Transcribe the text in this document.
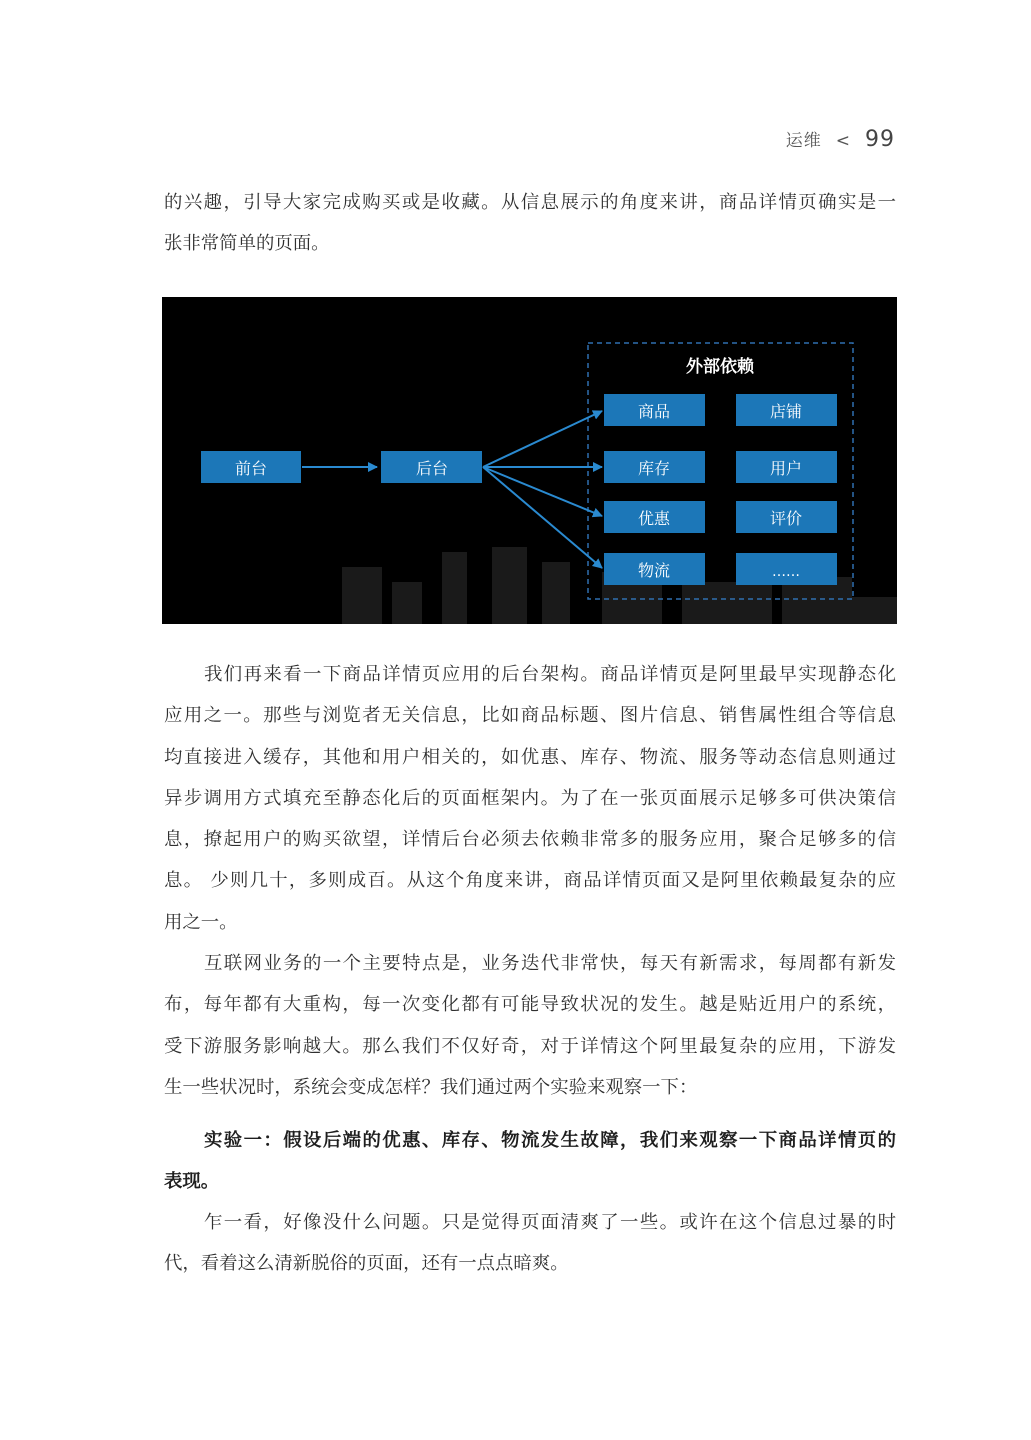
运维 < 99

的兴趣，引导大家完成购买或是收藏。从信息展示的角度来讲，商品详情页确实是一
张非常简单的页面。

外部依赖
前台	后台
商品	店铺
库存	用户
优惠	评价
物流	……

我们再来看一下商品详情页应用的后台架构。商品详情页是阿里最早实现静态化
应用之一。那些与浏览者无关信息，比如商品标题、图片信息、销售属性组合等信息
均直接进入缓存，其他和用户相关的，如优惠、库存、物流、服务等动态信息则通过
异步调用方式填充至静态化后的页面框架内。为了在一张页面展示足够多可供决策信
息，撩起用户的购买欲望，详情后台必须去依赖非常多的服务应用，聚合足够多的信
息。 少则几十，多则成百。从这个角度来讲，商品详情页面又是阿里依赖最复杂的应
用之一。

互联网业务的一个主要特点是，业务迭代非常快，每天有新需求，每周都有新发
布，每年都有大重构，每一次变化都有可能导致状况的发生。越是贴近用户的系统，
受下游服务影响越大。那么我们不仅好奇，对于详情这个阿里最复杂的应用，下游发
生一些状况时，系统会变成怎样？我们通过两个实验来观察一下：

实验一：假设后端的优惠、库存、物流发生故障，我们来观察一下商品详情页的
表现。

乍一看，好像没什么问题。只是觉得页面清爽了一些。或许在这个信息过暴的时
代，看着这么清新脱俗的页面，还有一点点暗爽。
